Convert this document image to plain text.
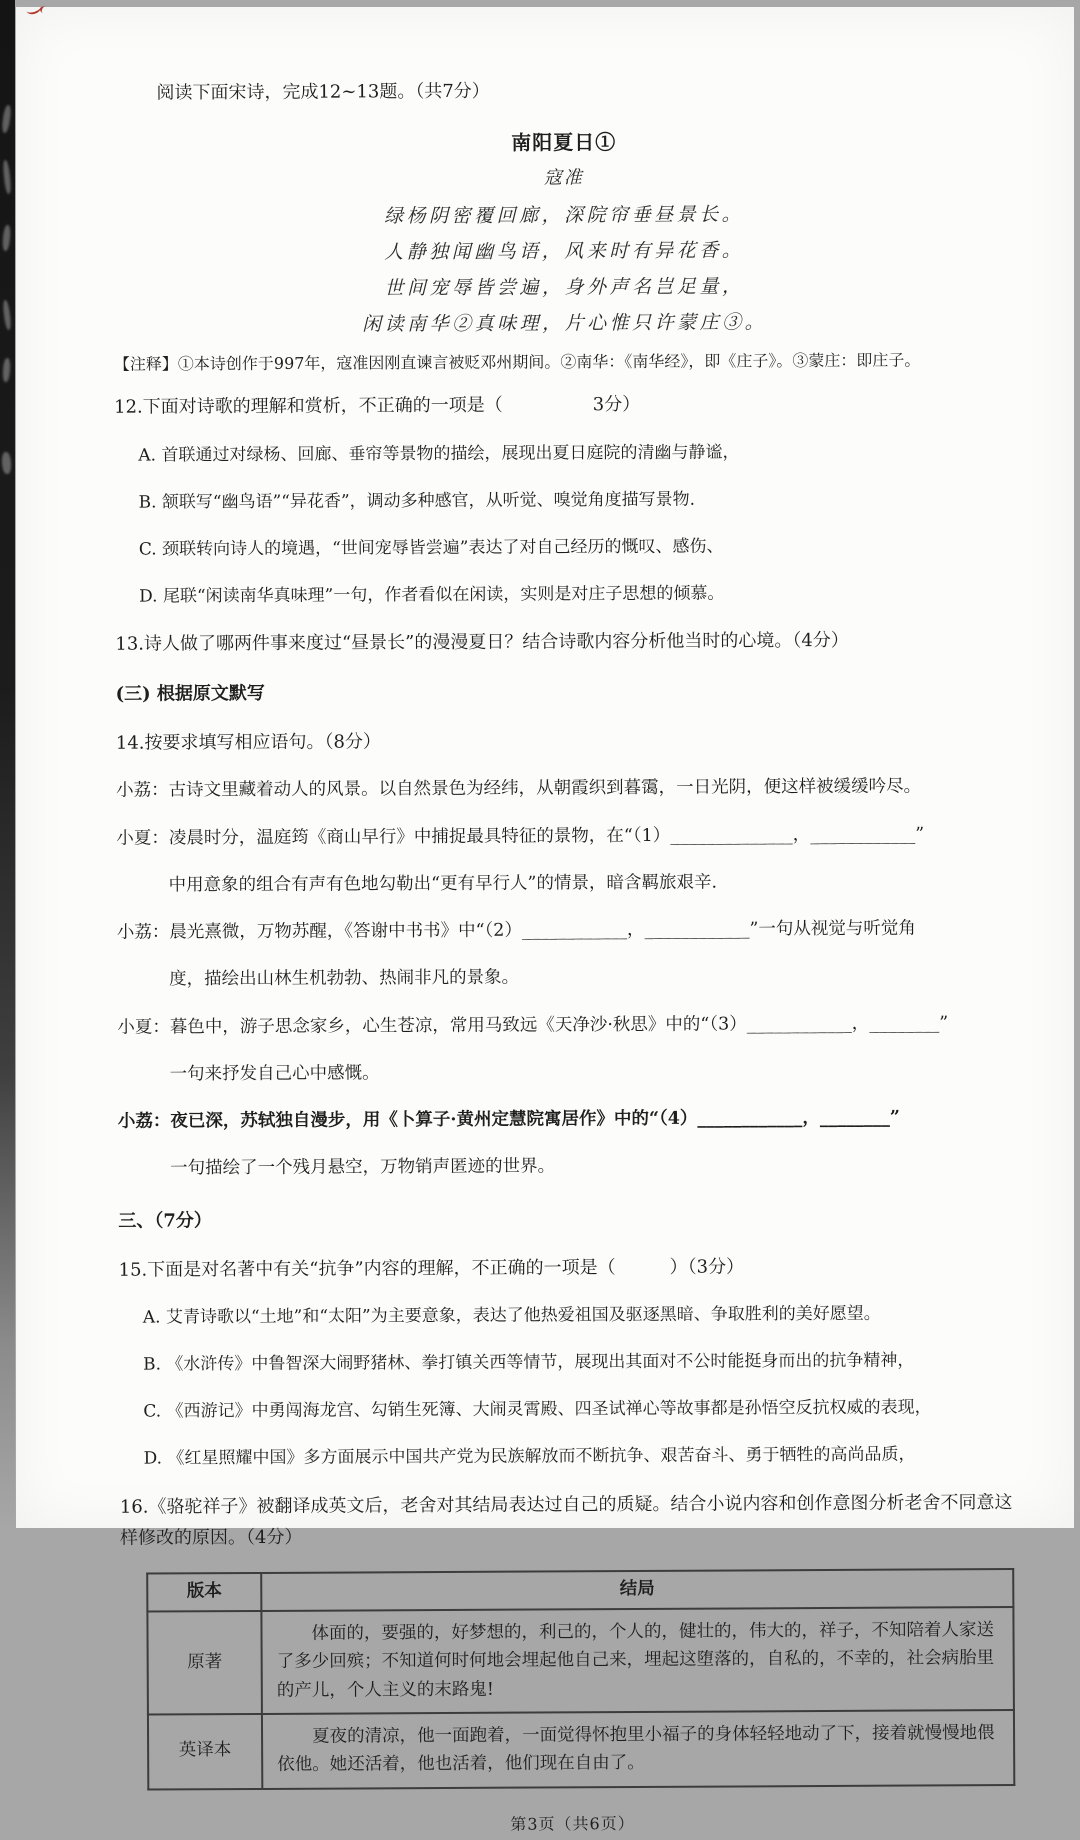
阅读下面宋诗，完成12~13题。（共7分）

南阳夏日①
寇准
绿杨阴密覆回廊，深院帘垂昼景长。
人静独闻幽鸟语，风来时有异花香。
世间宠辱皆尝遍，身外声名岂足量，
闲读南华②真味理，片心惟只许蒙庄③。

【注释】①本诗创作于997年，寇准因刚直谏言被贬邓州期间。②南华：《南华经》，即《庄子》。③蒙庄：即庄子。

12.下面对诗歌的理解和赏析，不正确的一项是（　　　　　3分）

A. 首联通过对绿杨、回廊、垂帘等景物的描绘，展现出夏日庭院的清幽与静谧，

B. 颔联写“幽鸟语”“异花香”，调动多种感官，从听觉、嗅觉角度描写景物.

C. 颈联转向诗人的境遇，“世间宠辱皆尝遍”表达了对自己经历的慨叹、感伤、

D. 尾联“闲读南华真味理”一句，作者看似在闲读，实则是对庄子思想的倾慕。

13.诗人做了哪两件事来度过“昼景长”的漫漫夏日？结合诗歌内容分析他当时的心境。（4分）

(三) 根据原文默写

14.按要求填写相应语句。（8分）

小荔：古诗文里藏着动人的风景。以自然景色为经纬，从朝霞织到暮霭，一日光阴，便这样被缓缓吟尽。

小夏：凌晨时分，温庭筠《商山早行》中捕捉最具特征的景物，在“（1）______________，____________”

中用意象的组合有声有色地勾勒出“更有早行人”的情景，暗含羁旅艰辛.

小荔：晨光熹微，万物苏醒，《答谢中书书》中“（2）____________，____________”一句从视觉与听觉角

度，描绘出山林生机勃勃、热闹非凡的景象。

小夏：暮色中，游子思念家乡，心生苍凉，常用马致远《天净沙·秋思》中的“（3）____________，________”

一句来抒发自己心中感慨。

小荔：夜已深，苏轼独自漫步，用《卜算子·黄州定慧院寓居作》中的“（4）____________，________”

一句描绘了一个残月悬空，万物销声匿迹的世界。

三、（7分）

15.下面是对名著中有关“抗争”内容的理解，不正确的一项是（　　　）（3分）

A. 艾青诗歌以“土地”和“太阳”为主要意象，表达了他热爱祖国及驱逐黑暗、争取胜利的美好愿望。

B. 《水浒传》中鲁智深大闹野猪林、拳打镇关西等情节，展现出其面对不公时能挺身而出的抗争精神，

C. 《西游记》中勇闯海龙宫、勾销生死簿、大闹灵霄殿、四圣试禅心等故事都是孙悟空反抗权威的表现，

D. 《红星照耀中国》多方面展示中国共产党为民族解放而不断抗争、艰苦奋斗、勇于牺牲的高尚品质，

16.《骆驼祥子》被翻译成英文后，老舍对其结局表达过自己的质疑。结合小说内容和创作意图分析老舍不同意这样修改的原因。（4分）

版本	结局
原著	体面的，要强的，好梦想的，利己的，个人的，健壮的，伟大的，祥子，不知陪着人家送了多少回殡；不知道何时何地会埋起他自己来，埋起这堕落的，自私的，不幸的，社会病胎里的产儿，个人主义的末路鬼!
英译本	夏夜的清凉，他一面跑着，一面觉得怀抱里小福子的身体轻轻地动了下，接着就慢慢地偎依他。她还活着，他也活着，他们现在自由了。

第3页（共6页）
